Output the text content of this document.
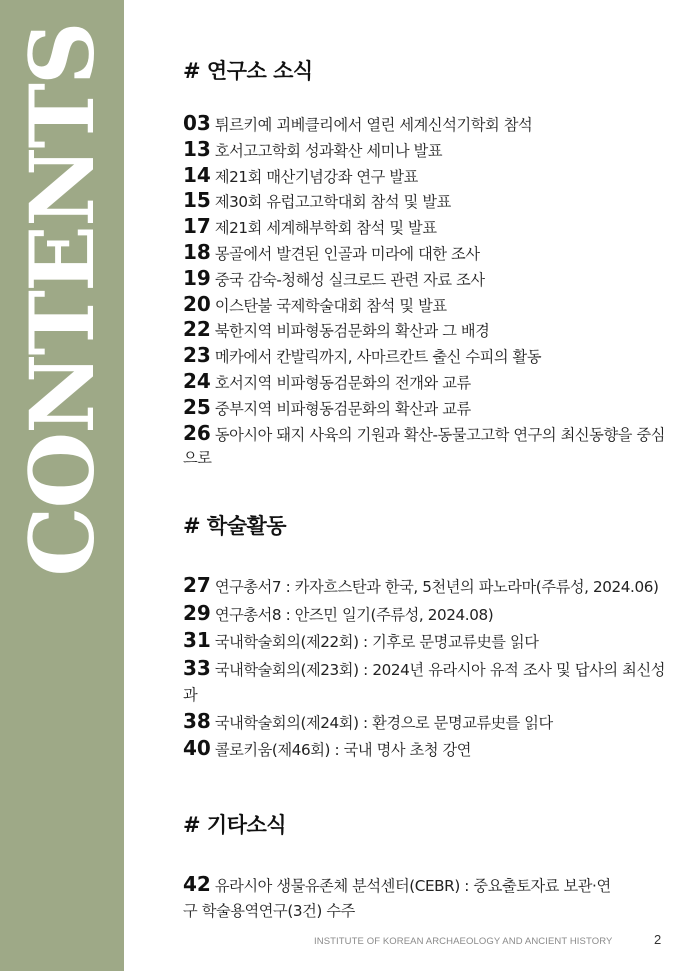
CONTENTS	# 연구소 소식
03 튀르키예 괴베클리에서 열린 세계신석기학회 참석
13 호서고고학회 성과확산 세미나 발표
14 제21회 매산기념강좌 연구 발표
15 제30회 유럽고고학대회 참석 및 발표
17 제21회 세계해부학회 참석 및 발표
18 몽골에서 발견된 인골과 미라에 대한 조사
19 중국 감숙-청해성 실크로드 관련 자료 조사
20 이스탄불 국제학술대회 참석 및 발표
22 북한지역 비파형동검문화의 확산과 그 배경
23 메카에서 칸발릭까지, 사마르칸트 출신 수피의 활동
24 호서지역 비파형동검문화의 전개와 교류
25 중부지역 비파형동검문화의 확산과 교류
26 동아시아 돼지 사육의 기원과 확산-동물고고학 연구의 최신동향을 중심으로
# 학술활동
27 연구총서7 : 카자흐스탄과 한국, 5천년의 파노라마(주류성, 2024.06)
29 연구총서8 : 안즈민 일기(주류성, 2024.08)
31 국내학술회의(제22회) : 기후로 문명교류史를 읽다
33 국내학술회의(제23회) : 2024년 유라시아 유적 조사 및 답사의 최신성과
38 국내학술회의(제24회) : 환경으로 문명교류史를 읽다
40 콜로키움(제46회) : 국내 명사 초청 강연
# 기타소식
42 유라시아 생물유존체 분석센터(CEBR) : 중요출토자료 보관·연구 학술용역연구(3건) 수주
INSTITUTE OF KOREAN ARCHAEOLOGY AND ANCIENT HISTORY	2
